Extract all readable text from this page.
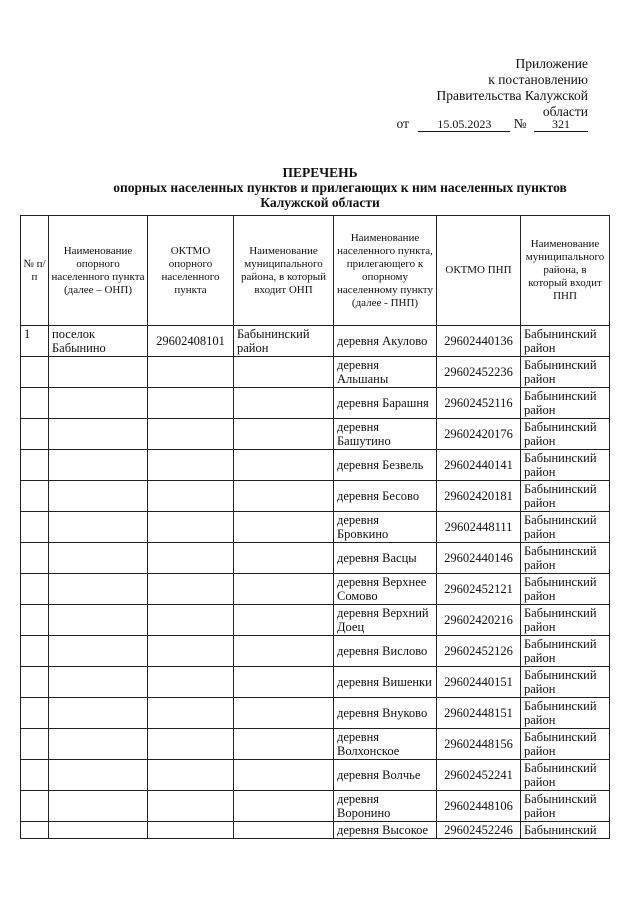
Приложение
к постановлению
Правительства Калужской
области
от 15.05.2023 № 321
ПЕРЕЧЕНЬ
опорных населенных пунктов и прилегающих к ним населенных пунктов
Калужской области
№ п/п	Наименование опорного населенного пункта (далее – ОНП)	ОКТМО опорного населенного пункта	Наименование муниципального района, в который входит ОНП	Наименование населенного пункта, прилегающего к опорному населенному пункту (далее - ПНП)	ОКТМО ПНП	Наименование муниципального района, в который входит ПНП
1	поселок Бабынино	29602408101	Бабынинский район	деревня Акулово	29602440136	Бабынинский район
				деревня Альшаны	29602452236	Бабынинский район
				деревня Барашня	29602452116	Бабынинский район
				деревня Башутино	29602420176	Бабынинский район
				деревня Безвель	29602440141	Бабынинский район
				деревня Бесово	29602420181	Бабынинский район
				деревня Бровкино	29602448111	Бабынинский район
				деревня Васцы	29602440146	Бабынинский район
				деревня Верхнее Сомово	29602452121	Бабынинский район
				деревня Верхний Доец	29602420216	Бабынинский район
				деревня Вислово	29602452126	Бабынинский район
				деревня Вишенки	29602440151	Бабынинский район
				деревня Внуково	29602448151	Бабынинский район
				деревня Волхонское	29602448156	Бабынинский район
				деревня Волчье	29602452241	Бабынинский район
				деревня Воронино	29602448106	Бабынинский район
				деревня Высокое	29602452246	Бабынинский
